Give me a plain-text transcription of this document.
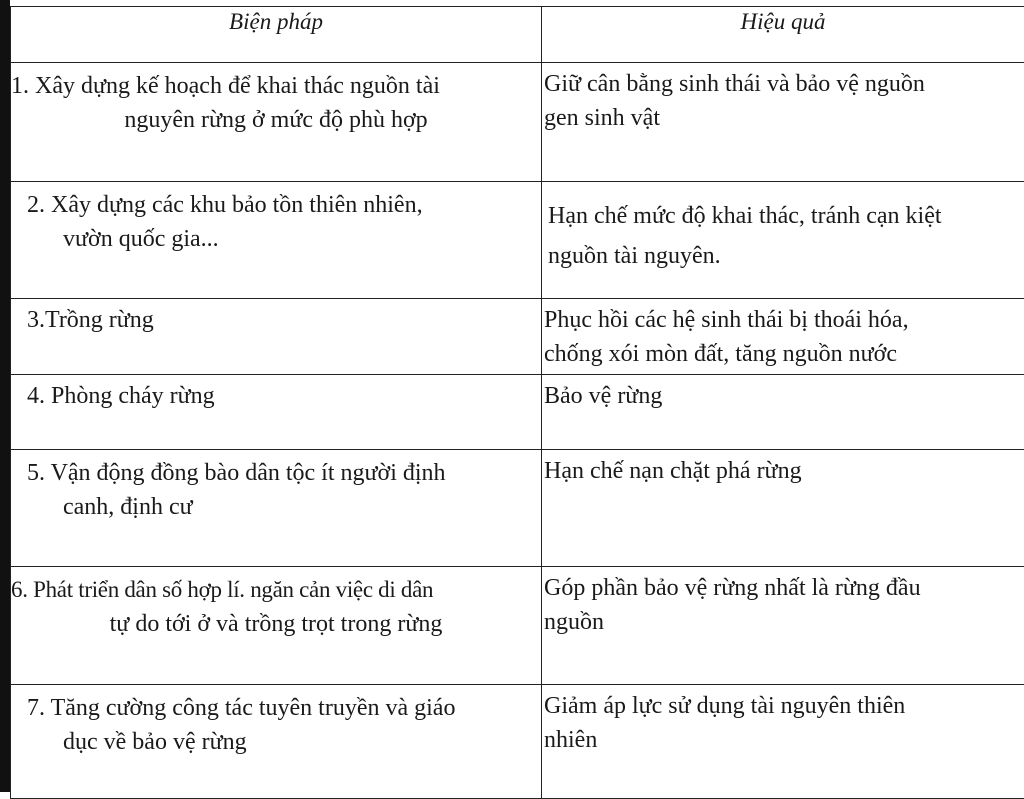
Biện pháp	Hiệu quả

1. Xây dựng kế hoạch để khai thác nguồn tài
nguyên rừng ở mức độ phù hợp	Giữ cân bằng sinh thái và bảo vệ nguồn
gen sinh vật

2. Xây dựng các khu bảo tồn thiên nhiên,
vườn quốc gia...	Hạn chế mức độ khai thác, tránh cạn kiệt
nguồn tài nguyên.

3.Trồng rừng	Phục hồi các hệ sinh thái bị thoái hóa,
chống xói mòn đất, tăng nguồn nước

4. Phòng cháy rừng	Bảo vệ rừng

5. Vận động đồng bào dân tộc ít người định
canh, định cư	Hạn chế nạn chặt phá rừng

6. Phát triển dân số hợp lí. ngăn cản việc di dân
tự do tới ở và trồng trọt trong rừng	Góp phần bảo vệ rừng nhất là rừng đầu
nguồn

7. Tăng cường công tác tuyên truyền và giáo
dục về bảo vệ rừng	Giảm áp lực sử dụng tài nguyên thiên
nhiên
